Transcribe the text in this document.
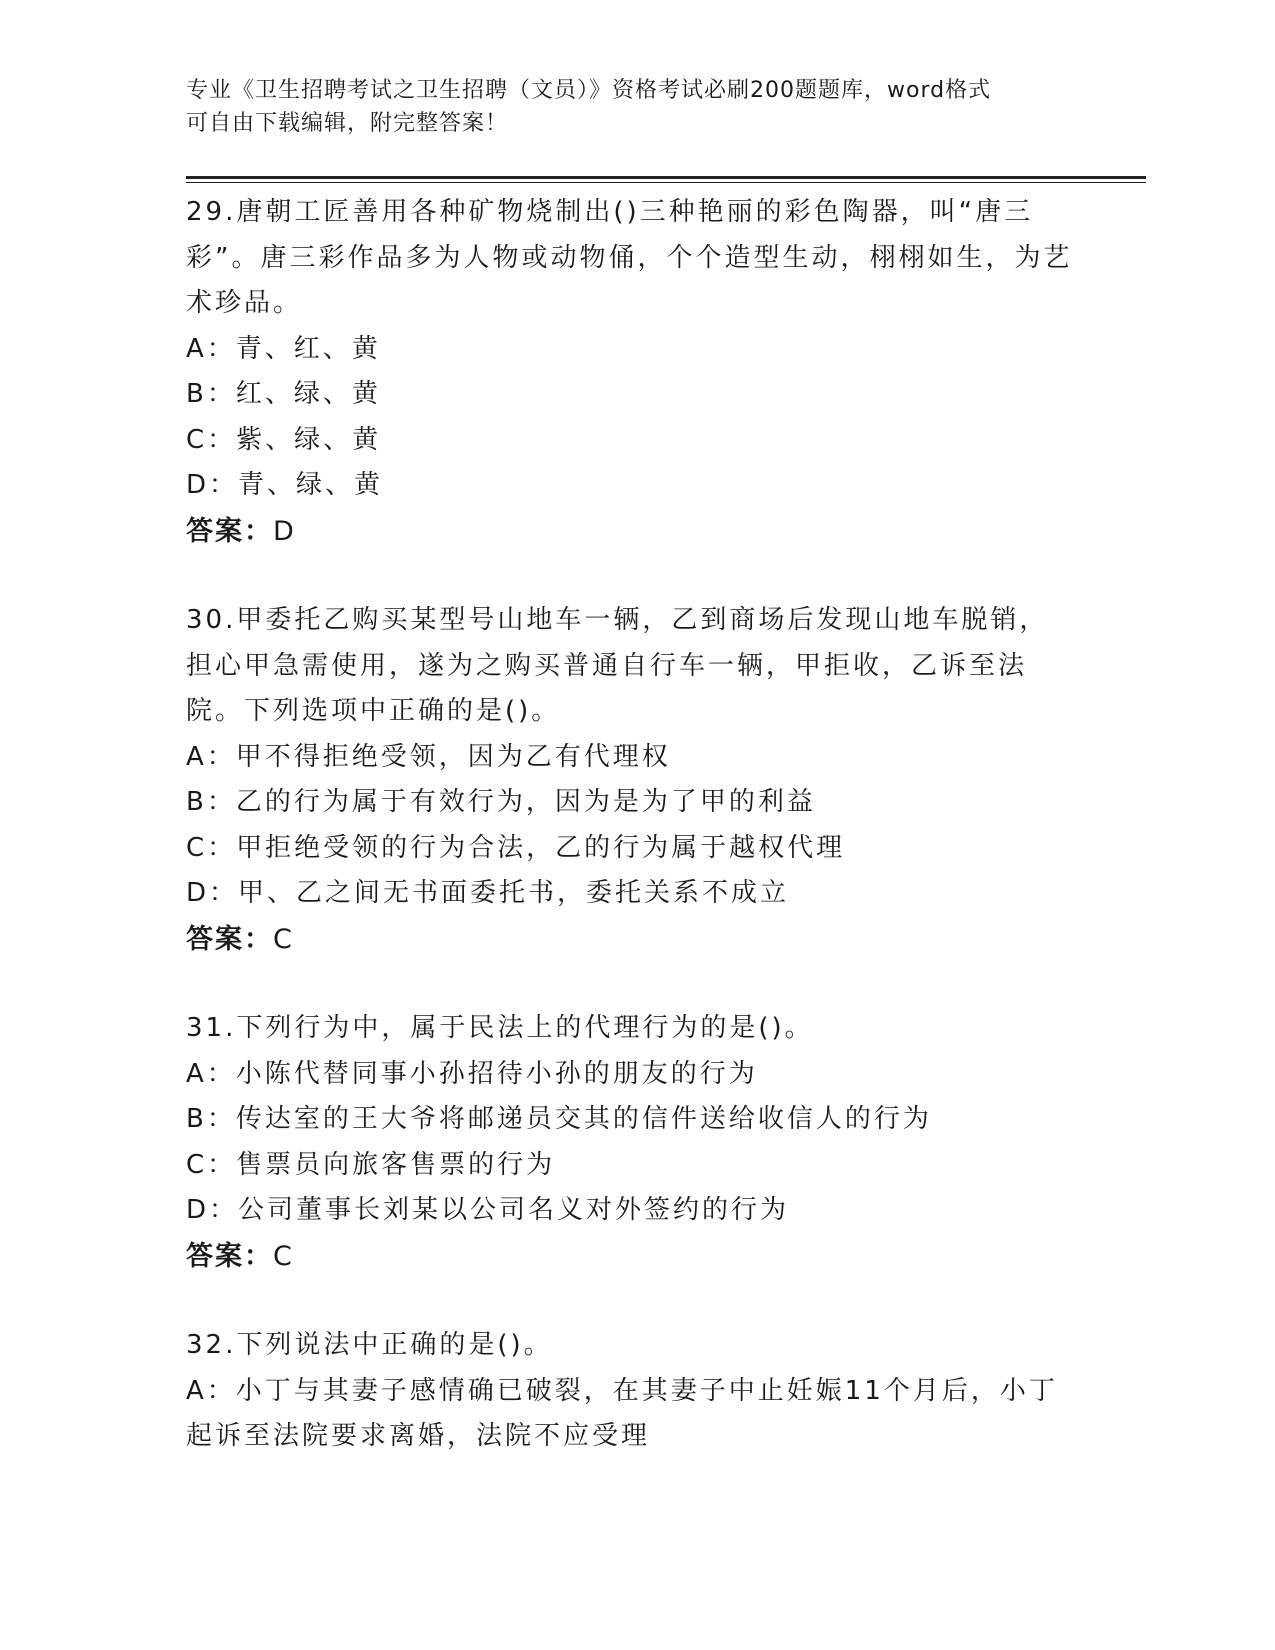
专业《卫生招聘考试之卫生招聘（文员）》资格考试必刷200题题库，word格式
可自由下载编辑，附完整答案！

29.唐朝工匠善用各种矿物烧制出()三种艳丽的彩色陶器，叫“唐三彩”。唐三彩作品多为人物或动物俑，个个造型生动，栩栩如生，为艺术珍品。

A：青、红、黄

B：红、绿、黄

C：紫、绿、黄

D：青、绿、黄

答案：D

30.甲委托乙购买某型号山地车一辆，乙到商场后发现山地车脱销，担心甲急需使用，遂为之购买普通自行车一辆，甲拒收，乙诉至法院。下列选项中正确的是()。

A：甲不得拒绝受领，因为乙有代理权

B：乙的行为属于有效行为，因为是为了甲的利益

C：甲拒绝受领的行为合法，乙的行为属于越权代理

D：甲、乙之间无书面委托书，委托关系不成立

答案：C

31.下列行为中，属于民法上的代理行为的是()。

A：小陈代替同事小孙招待小孙的朋友的行为

B：传达室的王大爷将邮递员交其的信件送给收信人的行为

C：售票员向旅客售票的行为

D：公司董事长刘某以公司名义对外签约的行为

答案：C

32.下列说法中正确的是()。

A：小丁与其妻子感情确已破裂，在其妻子中止妊娠11个月后，小丁起诉至法院要求离婚，法院不应受理
